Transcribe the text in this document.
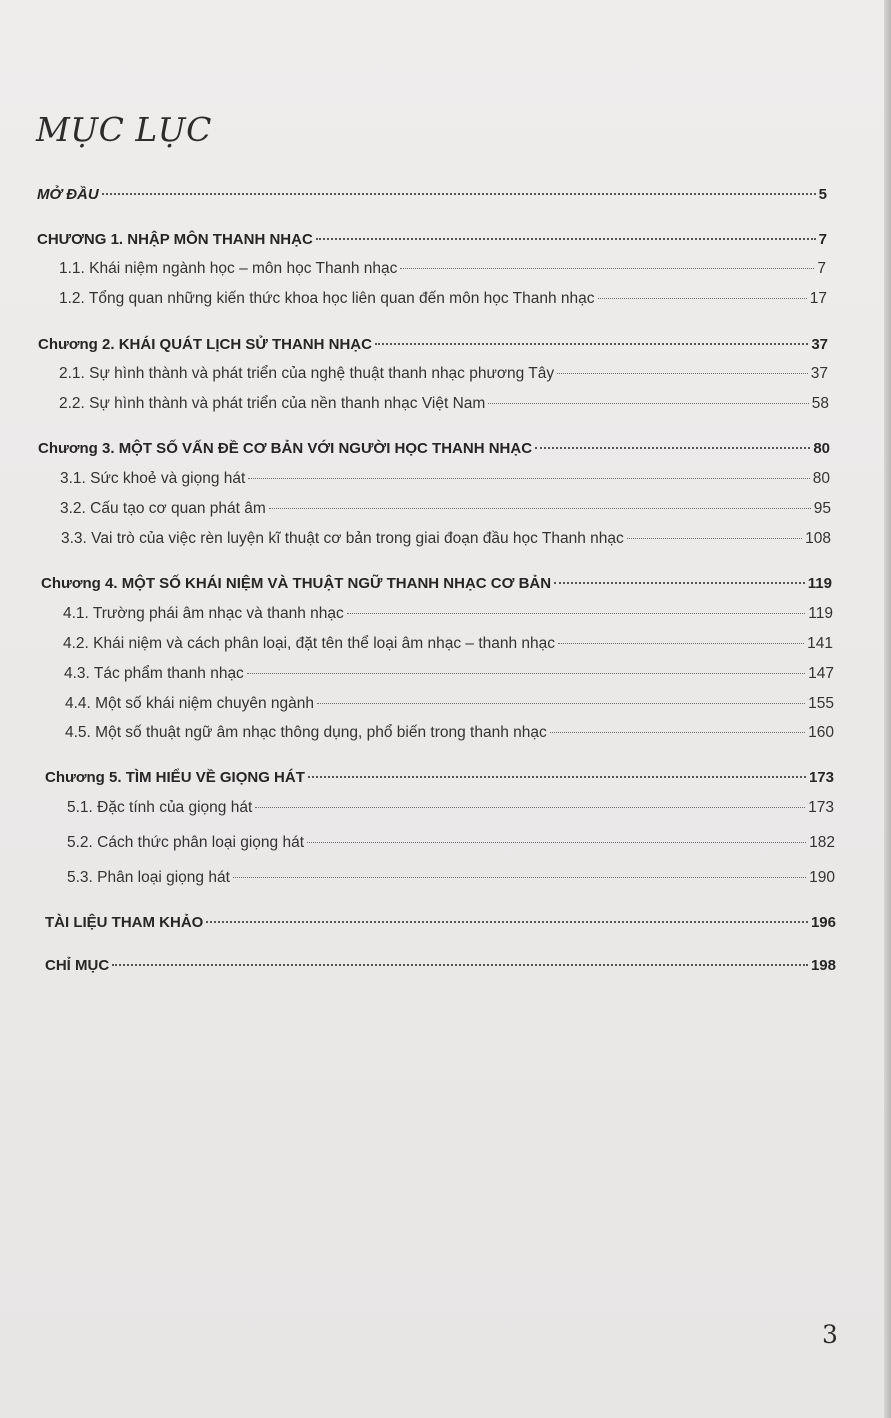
MỤC LỤC
MỞ ĐẦU	5
CHƯƠNG 1. NHẬP MÔN THANH NHẠC	7
1.1. Khái niệm ngành học – môn học Thanh nhạc	7
1.2. Tổng quan những kiến thức khoa học liên quan đến môn học Thanh nhạc	17
Chương 2. KHÁI QUÁT LỊCH SỬ THANH NHẠC	37
2.1. Sự hình thành và phát triển của nghệ thuật thanh nhạc phương Tây	37
2.2. Sự hình thành và phát triển của nền thanh nhạc Việt Nam	58
Chương 3. MỘT SỐ VẤN ĐỀ CƠ BẢN VỚI NGƯỜI HỌC THANH NHẠC	80
3.1. Sức khoẻ và giọng hát	80
3.2. Cấu tạo cơ quan phát âm	95
3.3. Vai trò của việc rèn luyện kĩ thuật cơ bản trong giai đoạn đầu học Thanh nhạc	108
Chương 4. MỘT SỐ KHÁI NIỆM VÀ THUẬT NGỮ THANH NHẠC CƠ BẢN	119
4.1. Trường phái âm nhạc và thanh nhạc	119
4.2. Khái niệm và cách phân loại, đặt tên thể loại âm nhạc – thanh nhạc	141
4.3. Tác phẩm thanh nhạc	147
4.4. Một số khái niệm chuyên ngành	155
4.5. Một số thuật ngữ âm nhạc thông dụng, phổ biến trong thanh nhạc	160
Chương 5. TÌM HIỂU VỀ GIỌNG HÁT	173
5.1. Đặc tính của giọng hát	173
5.2. Cách thức phân loại giọng hát	182
5.3. Phân loại giọng hát	190
TÀI LIỆU THAM KHẢO	196
CHỈ MỤC	198
3
